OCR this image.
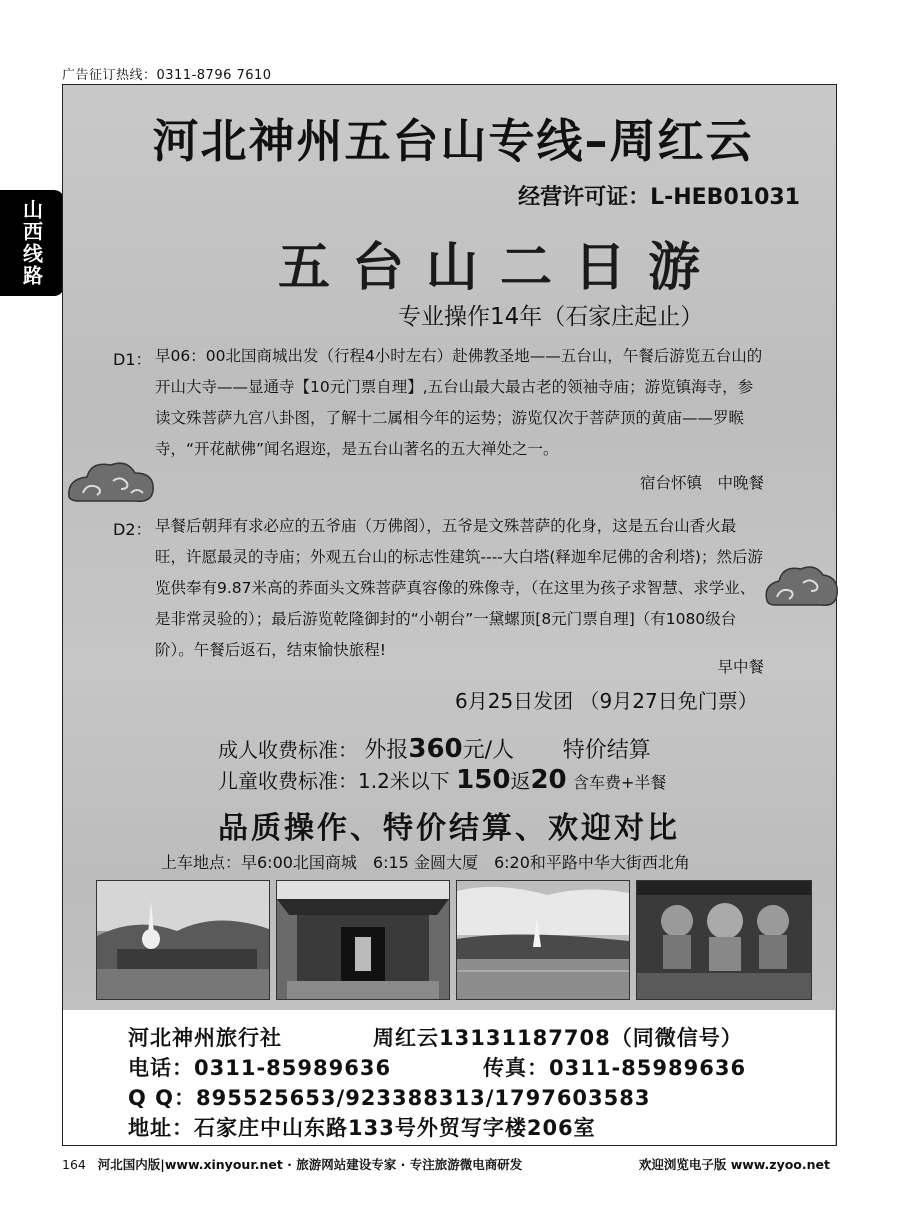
广告征订热线：0311-8796 7610
山西线路
河北神州五台山专线–周红云
经营许可证：L-HEB01031
五台山二日游
专业操作14年（石家庄起止）
D1： 早06：00北国商城出发（行程4小时左右）赴佛教圣地——五台山，午餐后游览五台山的开山大寺——显通寺【10元门票自理】,五台山最大最古老的领袖寺庙；游览镇海寺，参读文殊菩萨九宫八卦图，了解十二属相今年的运势；游览仅次于菩萨顶的黄庙——罗睺寺，“开花献佛”闻名遐迩，是五台山著名的五大禅处之一。
宿台怀镇　中晚餐
D2： 早餐后朝拜有求必应的五爷庙（万佛阁），五爷是文殊菩萨的化身，这是五台山香火最旺，许愿最灵的寺庙；外观五台山的标志性建筑----大白塔(释迦牟尼佛的舍利塔)；然后游览供奉有9.87米高的荞面头文殊菩萨真容像的殊像寺，（在这里为孩子求智慧、求学业、是非常灵验的）；最后游览乾隆御封的“小朝台”一黛螺顶[8元门票自理]（有1080级台阶）。午餐后返石，结束愉快旅程!
早中餐
6月25日发团 （9月27日免门票）
成人收费标准： 外报360元/人 特价结算
儿童收费标准：1.2米以下 150返20 含车费+半餐
品质操作、特价结算、欢迎对比
上车地点：早6:00北国商城　6:15 金圆大厦　6:20和平路中华大街西北角
河北神州旅行社	周红云13131187708（同微信号）
电话：0311-85989636	传真：0311-85989636
Q Q：895525653/923388313/1797603583
地址：石家庄中山东路133号外贸写字楼206室
164 河北国内版|www.xinyour.net · 旅游网站建设专家 · 专注旅游微电商研发	欢迎浏览电子版 www.zyoo.net
